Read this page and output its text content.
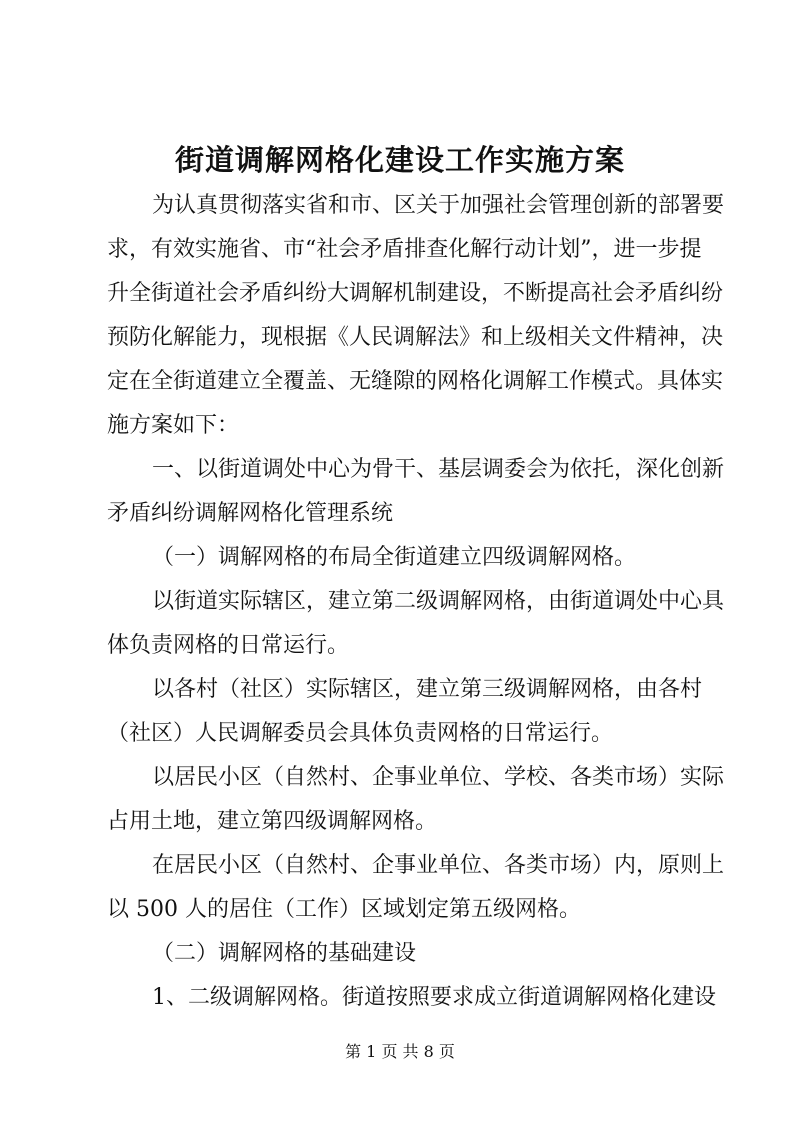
街道调解网格化建设工作实施方案
为认真贯彻落实省和市、区关于加强社会管理创新的部署要
求，有效实施省、市“社会矛盾排查化解行动计划”，进一步提
升全街道社会矛盾纠纷大调解机制建设，不断提高社会矛盾纠纷
预防化解能力，现根据《人民调解法》和上级相关文件精神，决
定在全街道建立全覆盖、无缝隙的网格化调解工作模式。具体实
施方案如下：
一、以街道调处中心为骨干、基层调委会为依托，深化创新
矛盾纠纷调解网格化管理系统
（一）调解网格的布局全街道建立四级调解网格。
以街道实际辖区，建立第二级调解网格，由街道调处中心具
体负责网格的日常运行。
以各村（社区）实际辖区，建立第三级调解网格，由各村
（社区）人民调解委员会具体负责网格的日常运行。
以居民小区（自然村、企事业单位、学校、各类市场）实际
占用土地，建立第四级调解网格。
在居民小区（自然村、企事业单位、各类市场）内，原则上
以 500 人的居住（工作）区域划定第五级网格。
（二）调解网格的基础建设
1、二级调解网格。街道按照要求成立街道调解网格化建设
第 1 页 共 8 页
